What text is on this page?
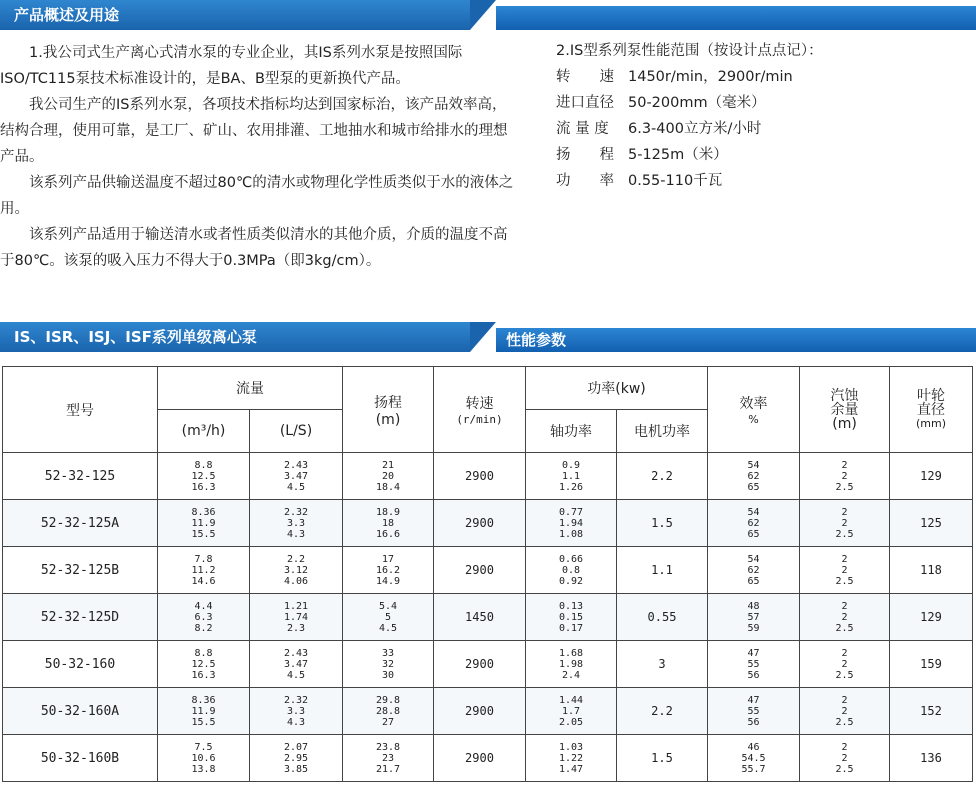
产品概述及用途

1.我公司式生产离心式清水泵的专业企业，其IS系列水泵是按照国际ISO/TC115泵技术标准设计的，是BA、B型泵的更新换代产品。

我公司生产的IS系列水泵，各项技术指标均达到国家标治，该产品效率高，结构合理，使用可靠，是工厂、矿山、农用排灌、工地抽水和城市给排水的理想产品。

该系列产品供输送温度不超过80℃的清水或物理化学性质类似于水的液体之用。

该系列产品适用于输送清水或者性质类似清水的其他介质，介质的温度不高于80℃。该泵的吸入压力不得大于0.3MPa（即3kg/cm）。

2.IS型系列泵性能范围（按设计点点记）：

转　　速 1450r/min，2900r/min
进口直径 50-200mm（毫米）
流 量 度	6.3-400立方米/小时
扬　　程 5-125m（米）
功　　率 0.55-110千瓦
IS、ISR、ISJ、ISF系列单级离心泵	性能参数
型号	流量		扬程
(m)	转速
(r/min)	功率(kw)		效率
%	汽蚀
余量
(m)	叶轮
直径
(mm)

	(m³/h)	(L/S)			轴功率	电机功率			
52-32-125	8.8
12.5
16.3	2.43
3.47
4.5	21
20
18.4	2900	0.9
1.1
1.26	2.2	54
62
65	2
2
2.5	129
52-32-125A	8.36
11.9
15.5	2.32
3.3
4.3	18.9
18
16.6	2900	0.77
1.94
1.08	1.5	54
62
65	2
2
2.5	125
52-32-125B	7.8
11.2
14.6	2.2
3.12
4.06	17
16.2
14.9	2900	0.66
0.8
0.92	1.1	54
62
65	2
2
2.5	118
52-32-125D	4.4
6.3
8.2	1.21
1.74
2.3	5.4
5
4.5	1450	0.13
0.15
0.17	0.55	48
57
59	2
2
2.5	129
50-32-160	8.8
12.5
16.3	2.43
3.47
4.5	33
32
30	2900	1.68
1.98
2.4	3	47
55
56	2
2
2.5	159
50-32-160A	8.36
11.9
15.5	2.32
3.3
4.3	29.8
28.8
27	2900	1.44
1.7
2.05	2.2	47
55
56	2
2
2.5	152
50-32-160B	7.5
10.6
13.8	2.07
2.95
3.85	23.8
23
21.7	2900	1.03
1.22
1.47	1.5	46
54.5
55.7	2
2
2.5	136
